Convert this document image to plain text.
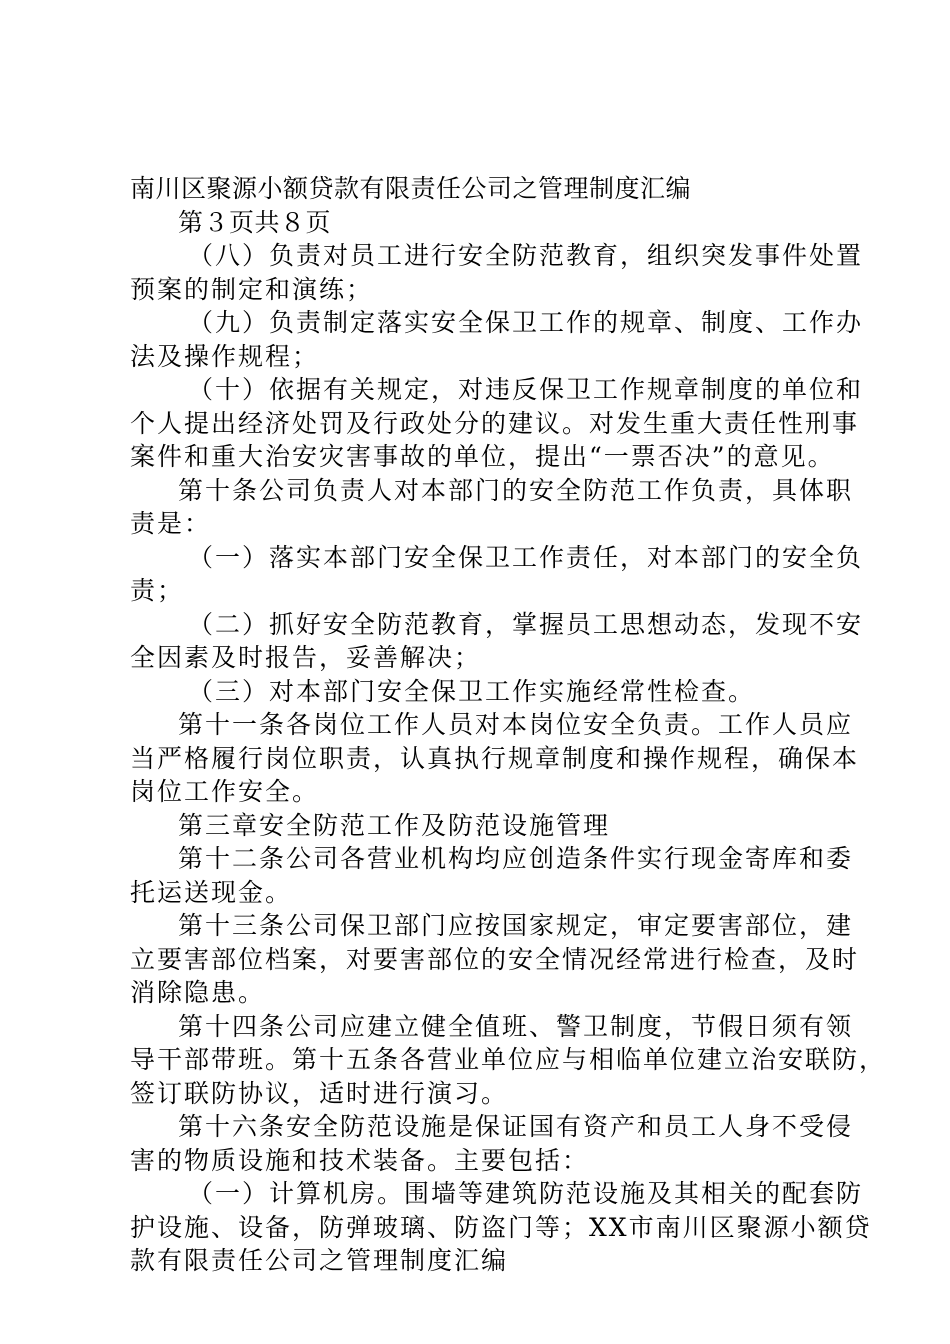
南川区聚源小额贷款有限责任公司之管理制度汇编
第３页共８页
（八）负责对员工进行安全防范教育，组织突发事件处置
预案的制定和演练；
（九）负责制定落实安全保卫工作的规章、制度、工作办
法及操作规程；
（十）依据有关规定，对违反保卫工作规章制度的单位和
个人提出经济处罚及行政处分的建议。对发生重大责任性刑事
案件和重大治安灾害事故的单位，提出“一票否决”的意见。
第十条公司负责人对本部门的安全防范工作负责，具体职
责是：
（一）落实本部门安全保卫工作责任，对本部门的安全负
责；
（二）抓好安全防范教育，掌握员工思想动态，发现不安
全因素及时报告，妥善解决；
（三）对本部门安全保卫工作实施经常性检查。
第十一条各岗位工作人员对本岗位安全负责。工作人员应
当严格履行岗位职责，认真执行规章制度和操作规程，确保本
岗位工作安全。
第三章安全防范工作及防范设施管理
第十二条公司各营业机构均应创造条件实行现金寄库和委
托运送现金。
第十三条公司保卫部门应按国家规定，审定要害部位，建
立要害部位档案，对要害部位的安全情况经常进行检查，及时
消除隐患。
第十四条公司应建立健全值班、警卫制度，节假日须有领
导干部带班。第十五条各营业单位应与相临单位建立治安联防，
签订联防协议，适时进行演习。
第十六条安全防范设施是保证国有资产和员工人身不受侵
害的物质设施和技术装备。主要包括：
（一）计算机房。围墙等建筑防范设施及其相关的配套防
护设施、设备，防弹玻璃、防盗门等；XX市南川区聚源小额贷
款有限责任公司之管理制度汇编
